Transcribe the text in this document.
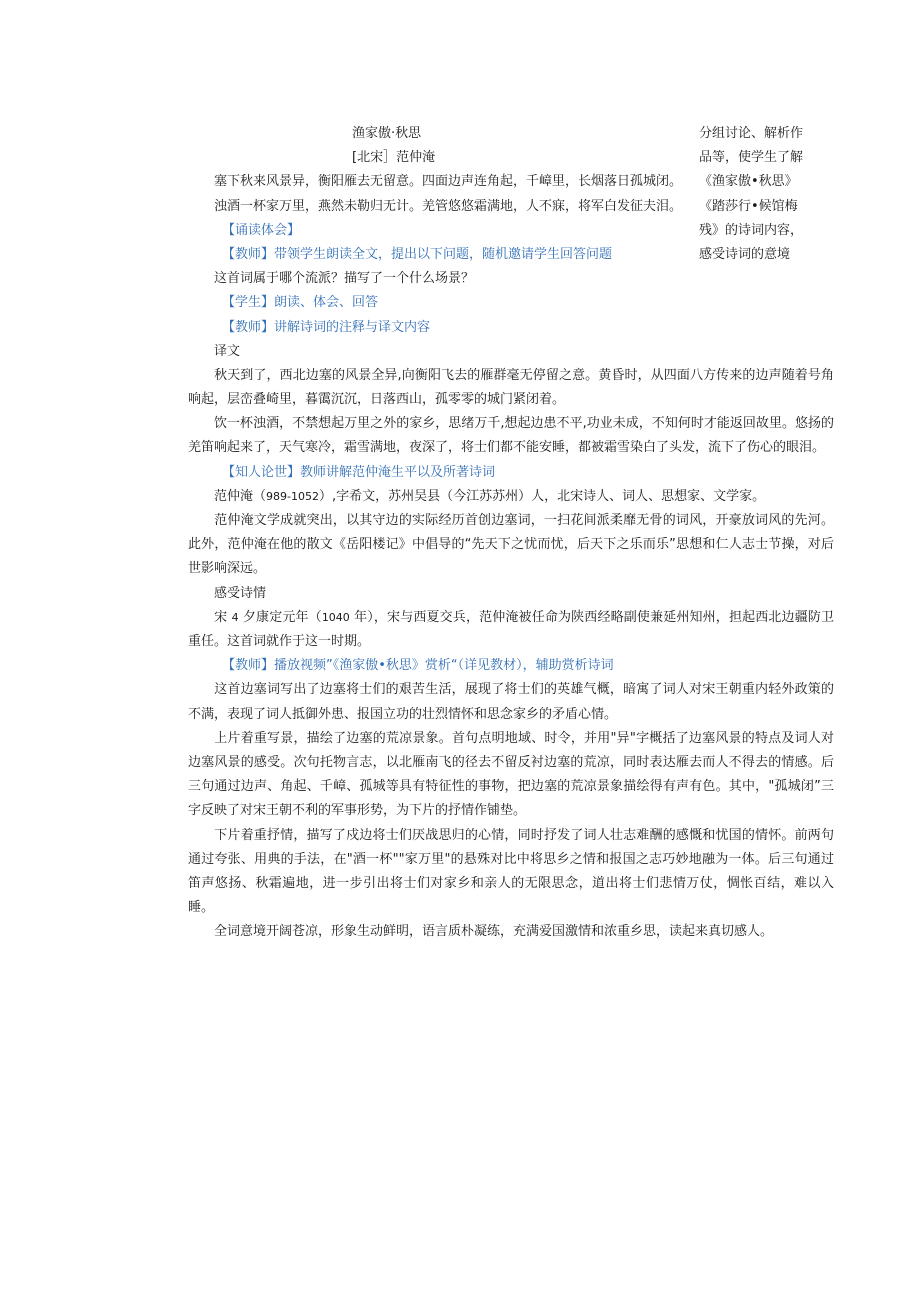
分组讨论、解析作品等，使学生了解《渔家傲•秋思》《踏莎行•候馆梅残》的诗词内容，感受诗词的意境
渔家傲·秋思
[北宋］范仲淹
塞下秋来风景异，衡阳雁去无留意。四面边声连角起，千嶂里，长烟落日孤城闭。
浊酒一杯家万里，燕然未勒归无计。羌管悠悠霜满地，人不寐，将军白发征夫泪。
【诵读体会】
【教师】带领学生朗读全文，提出以下问题，随机邀请学生回答问题
这首词属于哪个流派？描写了一个什么场景？
【学生】朗读、体会、回答
【教师】讲解诗词的注释与译文内容
译文
秋天到了，西北边塞的风景全异,向衡阳飞去的雁群毫无停留之意。黄昏时，从四面八方传来的边声随着号角响起，层峦叠崎里，暮霭沉沉，日落西山，孤零零的城门紧闭着。
饮一杯浊酒，不禁想起万里之外的家乡，思绪万千,想起边患不平,功业未成，不知何时才能返回故里。悠扬的羌笛响起来了，天气寒冷，霜雪满地，夜深了，将士们都不能安睡，都被霜雪染白了头发，流下了伤心的眼泪。
【知人论世】教师讲解范仲淹生平以及所著诗词
范仲淹（989-1052）,字希文，苏州吴县（今江苏苏州）人，北宋诗人、词人、思想家、文学家。
范仲淹文学成就突出，以其守边的实际经历首创边塞词，一扫花间派柔靡无骨的词风，开豪放词风的先河。此外，范仲淹在他的散文《岳阳楼记》中倡导的“先天下之忧而忧，后天下之乐而乐”思想和仁人志士节操，对后世影响深远。
感受诗情
宋 4 夕康定元年（1040 年），宋与西夏交兵，范仲淹被任命为陕西经略副使兼延州知州，担起西北边疆防卫重任。这首词就作于这一时期。
【教师】播放视频”《渔家傲•秋思》赏析“（详见教材），辅助赏析诗词
这首边塞词写出了边塞将士们的艰苦生活，展现了将士们的英雄气概，暗寓了词人对宋王朝重内轻外政策的不满，表现了词人抵御外患、报国立功的壮烈情怀和思念家乡的矛盾心情。
上片着重写景，描绘了边塞的荒凉景象。首句点明地域、时令，并用"异"字概括了边塞风景的特点及词人对边塞风景的感受。次句托物言志，以北雁南飞的径去不留反衬边塞的荒凉，同时表达雁去而人不得去的情感。后三句通过边声、角起、千嶂、孤城等具有特征性的事物，把边塞的荒凉景象描绘得有声有色。其中，"孤城闭”三字反映了对宋王朝不利的军事形势，为下片的抒情作铺垫。
下片着重抒情，描写了戍边将士们厌战思归的心情，同时抒发了词人壮志难酬的感慨和忧国的情怀。前两句通过夸张、用典的手法，在"酒一杯""家万里"的悬殊对比中将思乡之情和报国之志巧妙地融为一体。后三句通过笛声悠扬、秋霜遍地，进一步引出将士们对家乡和亲人的无限思念，道出将士们悲情万仗，惆怅百结，难以入睡。
全词意境开阔苍凉，形象生动鲜明，语言质朴凝练，充满爱国激情和浓重乡思，读起来真切感人。
